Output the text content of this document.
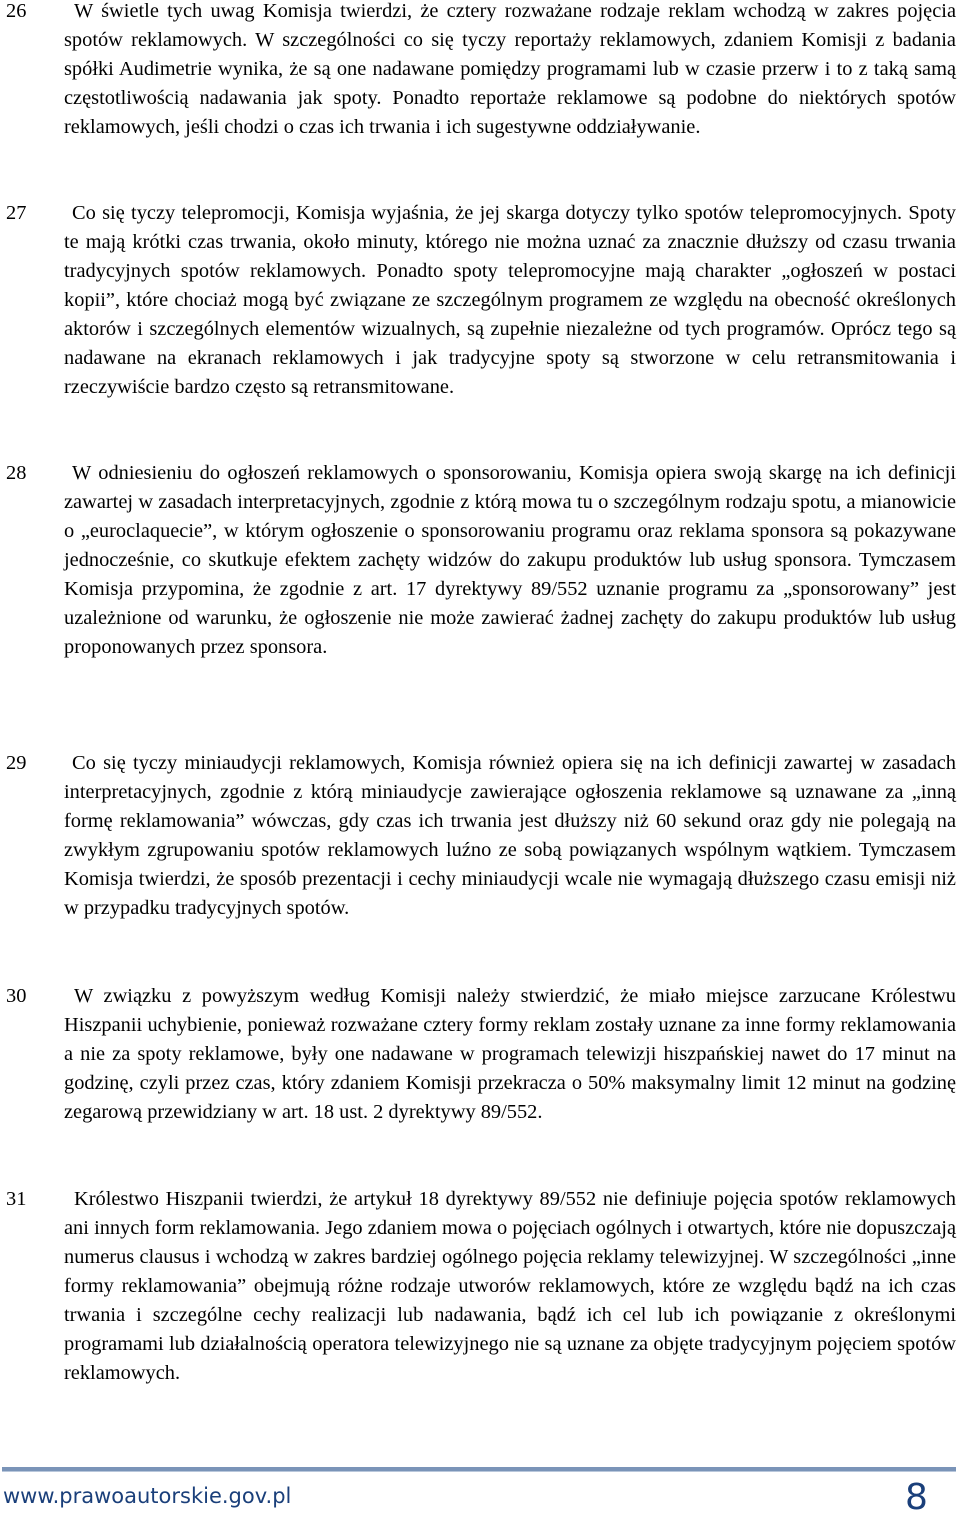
26	W świetle tych uwag Komisja twierdzi, że cztery rozważane rodzaje reklam wchodzą w zakres pojęcia spotów reklamowych. W szczególności co się tyczy reportaży reklamowych, zdaniem Komisji z badania spółki Audimetrie wynika, że są one nadawane pomiędzy programami lub w czasie przerw i to z taką samą częstotliwością nadawania jak spoty. Ponadto reportaże reklamowe są podobne do niektórych spotów reklamowych, jeśli chodzi o czas ich trwania i ich sugestywne oddziaływanie.
27	Co się tyczy telepromocji, Komisja wyjaśnia, że jej skarga dotyczy tylko spotów telepromocyjnych. Spoty te mają krótki czas trwania, około minuty, którego nie można uznać za znacznie dłuższy od czasu trwania tradycyjnych spotów reklamowych. Ponadto spoty telepromocyjne mają charakter „ogłoszeń w postaci kopii”, które chociaż mogą być związane ze szczególnym programem ze względu na obecność określonych aktorów i szczególnych elementów wizualnych, są zupełnie niezależne od tych programów. Oprócz tego są nadawane na ekranach reklamowych i jak tradycyjne spoty są stworzone w celu retransmitowania i rzeczywiście bardzo często są retransmitowane.
28	W odniesieniu do ogłoszeń reklamowych o sponsorowaniu, Komisja opiera swoją skargę na ich definicji zawartej w zasadach interpretacyjnych, zgodnie z którą mowa tu o szczególnym rodzaju spotu, a mianowicie o „euroclaquecie”, w którym ogłoszenie o sponsorowaniu programu oraz reklama sponsora są pokazywane jednocześnie, co skutkuje efektem zachęty widzów do zakupu produktów lub usług sponsora. Tymczasem Komisja przypomina, że zgodnie z art. 17 dyrektywy 89/552 uznanie programu za „sponsorowany” jest uzależnione od warunku, że ogłoszenie nie może zawierać żadnej zachęty do zakupu produktów lub usług proponowanych przez sponsora.
29	Co się tyczy miniaudycji reklamowych, Komisja również opiera się na ich definicji zawartej w zasadach interpretacyjnych, zgodnie z którą miniaudycje zawierające ogłoszenia reklamowe są uznawane za „inną formę reklamowania” wówczas, gdy czas ich trwania jest dłuższy niż 60 sekund oraz gdy nie polegają na zwykłym zgrupowaniu spotów reklamowych luźno ze sobą powiązanych wspólnym wątkiem. Tymczasem Komisja twierdzi, że sposób prezentacji i cechy miniaudycji wcale nie wymagają dłuższego czasu emisji niż w przypadku tradycyjnych spotów.
30	W związku z powyższym według Komisji należy stwierdzić, że miało miejsce zarzucane Królestwu Hiszpanii uchybienie, ponieważ rozważane cztery formy reklam zostały uznane za inne formy reklamowania a nie za spoty reklamowe, były one nadawane w programach telewizji hiszpańskiej nawet do 17 minut na godzinę, czyli przez czas, który zdaniem Komisji przekracza o 50% maksymalny limit 12 minut na godzinę zegarową przewidziany w art. 18 ust. 2 dyrektywy 89/552.
31	Królestwo Hiszpanii twierdzi, że artykuł 18 dyrektywy 89/552 nie definiuje pojęcia spotów reklamowych ani innych form reklamowania. Jego zdaniem mowa o pojęciach ogólnych i otwartych, które nie dopuszczają numerus clausus i wchodzą w zakres bardziej ogólnego pojęcia reklamy telewizyjnej. W szczególności „inne formy reklamowania” obejmują różne rodzaje utworów reklamowych, które ze względu bądź na ich czas trwania i szczególne cechy realizacji lub nadawania, bądź ich cel lub ich powiązanie z określonymi programami lub działalnością operatora telewizyjnego nie są uznane za objęte tradycyjnym pojęciem spotów reklamowych.
www.prawoautorskie.gov.pl	8
